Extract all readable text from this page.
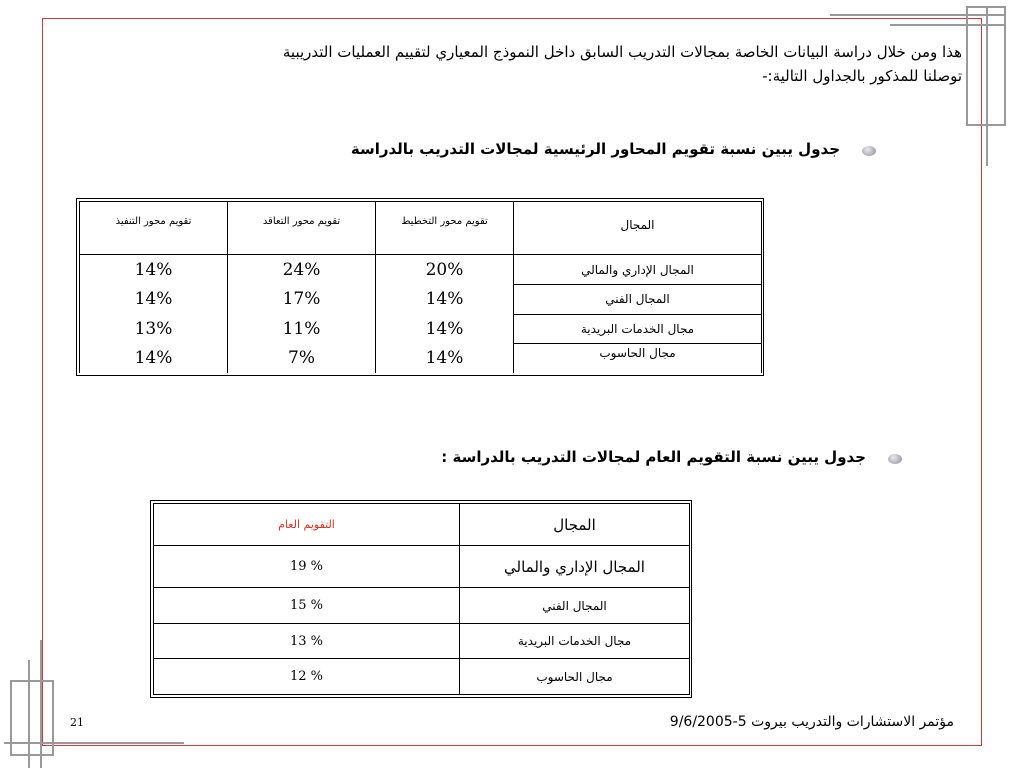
هذا ومن خلال دراسة البيانات الخاصة بمجالات التدريب السابق داخل النموذج المعياري لتقييم العمليات التدريبية
توصلنا للمذكور بالجداول التالية:-
جدول يبين نسبة تقويم المحاور الرئيسية لمجالات التدريب بالدراسة
تقويم محور التنفيذ	تقويم محور التعاقد	تقويم محور التخطيط	المجال
14%	24%	20%	المجال الإداري والمالي
14%	17%	14%	المجال الفني
13%	11%	14%	مجال الخدمات البريدية
14%	7%	14%	مجال الحاسوب
جدول يبين نسبة التقويم العام لمجالات التدريب بالدراسة :
التقويم العام	المجال
19 %	المجال الإداري والمالي
15 %	المجال الفني
13 %	مجال الخدمات البريدية
12 %	مجال الحاسوب
21	مؤتمر الاستشارات والتدريب بيروت 5-9/6/2005
